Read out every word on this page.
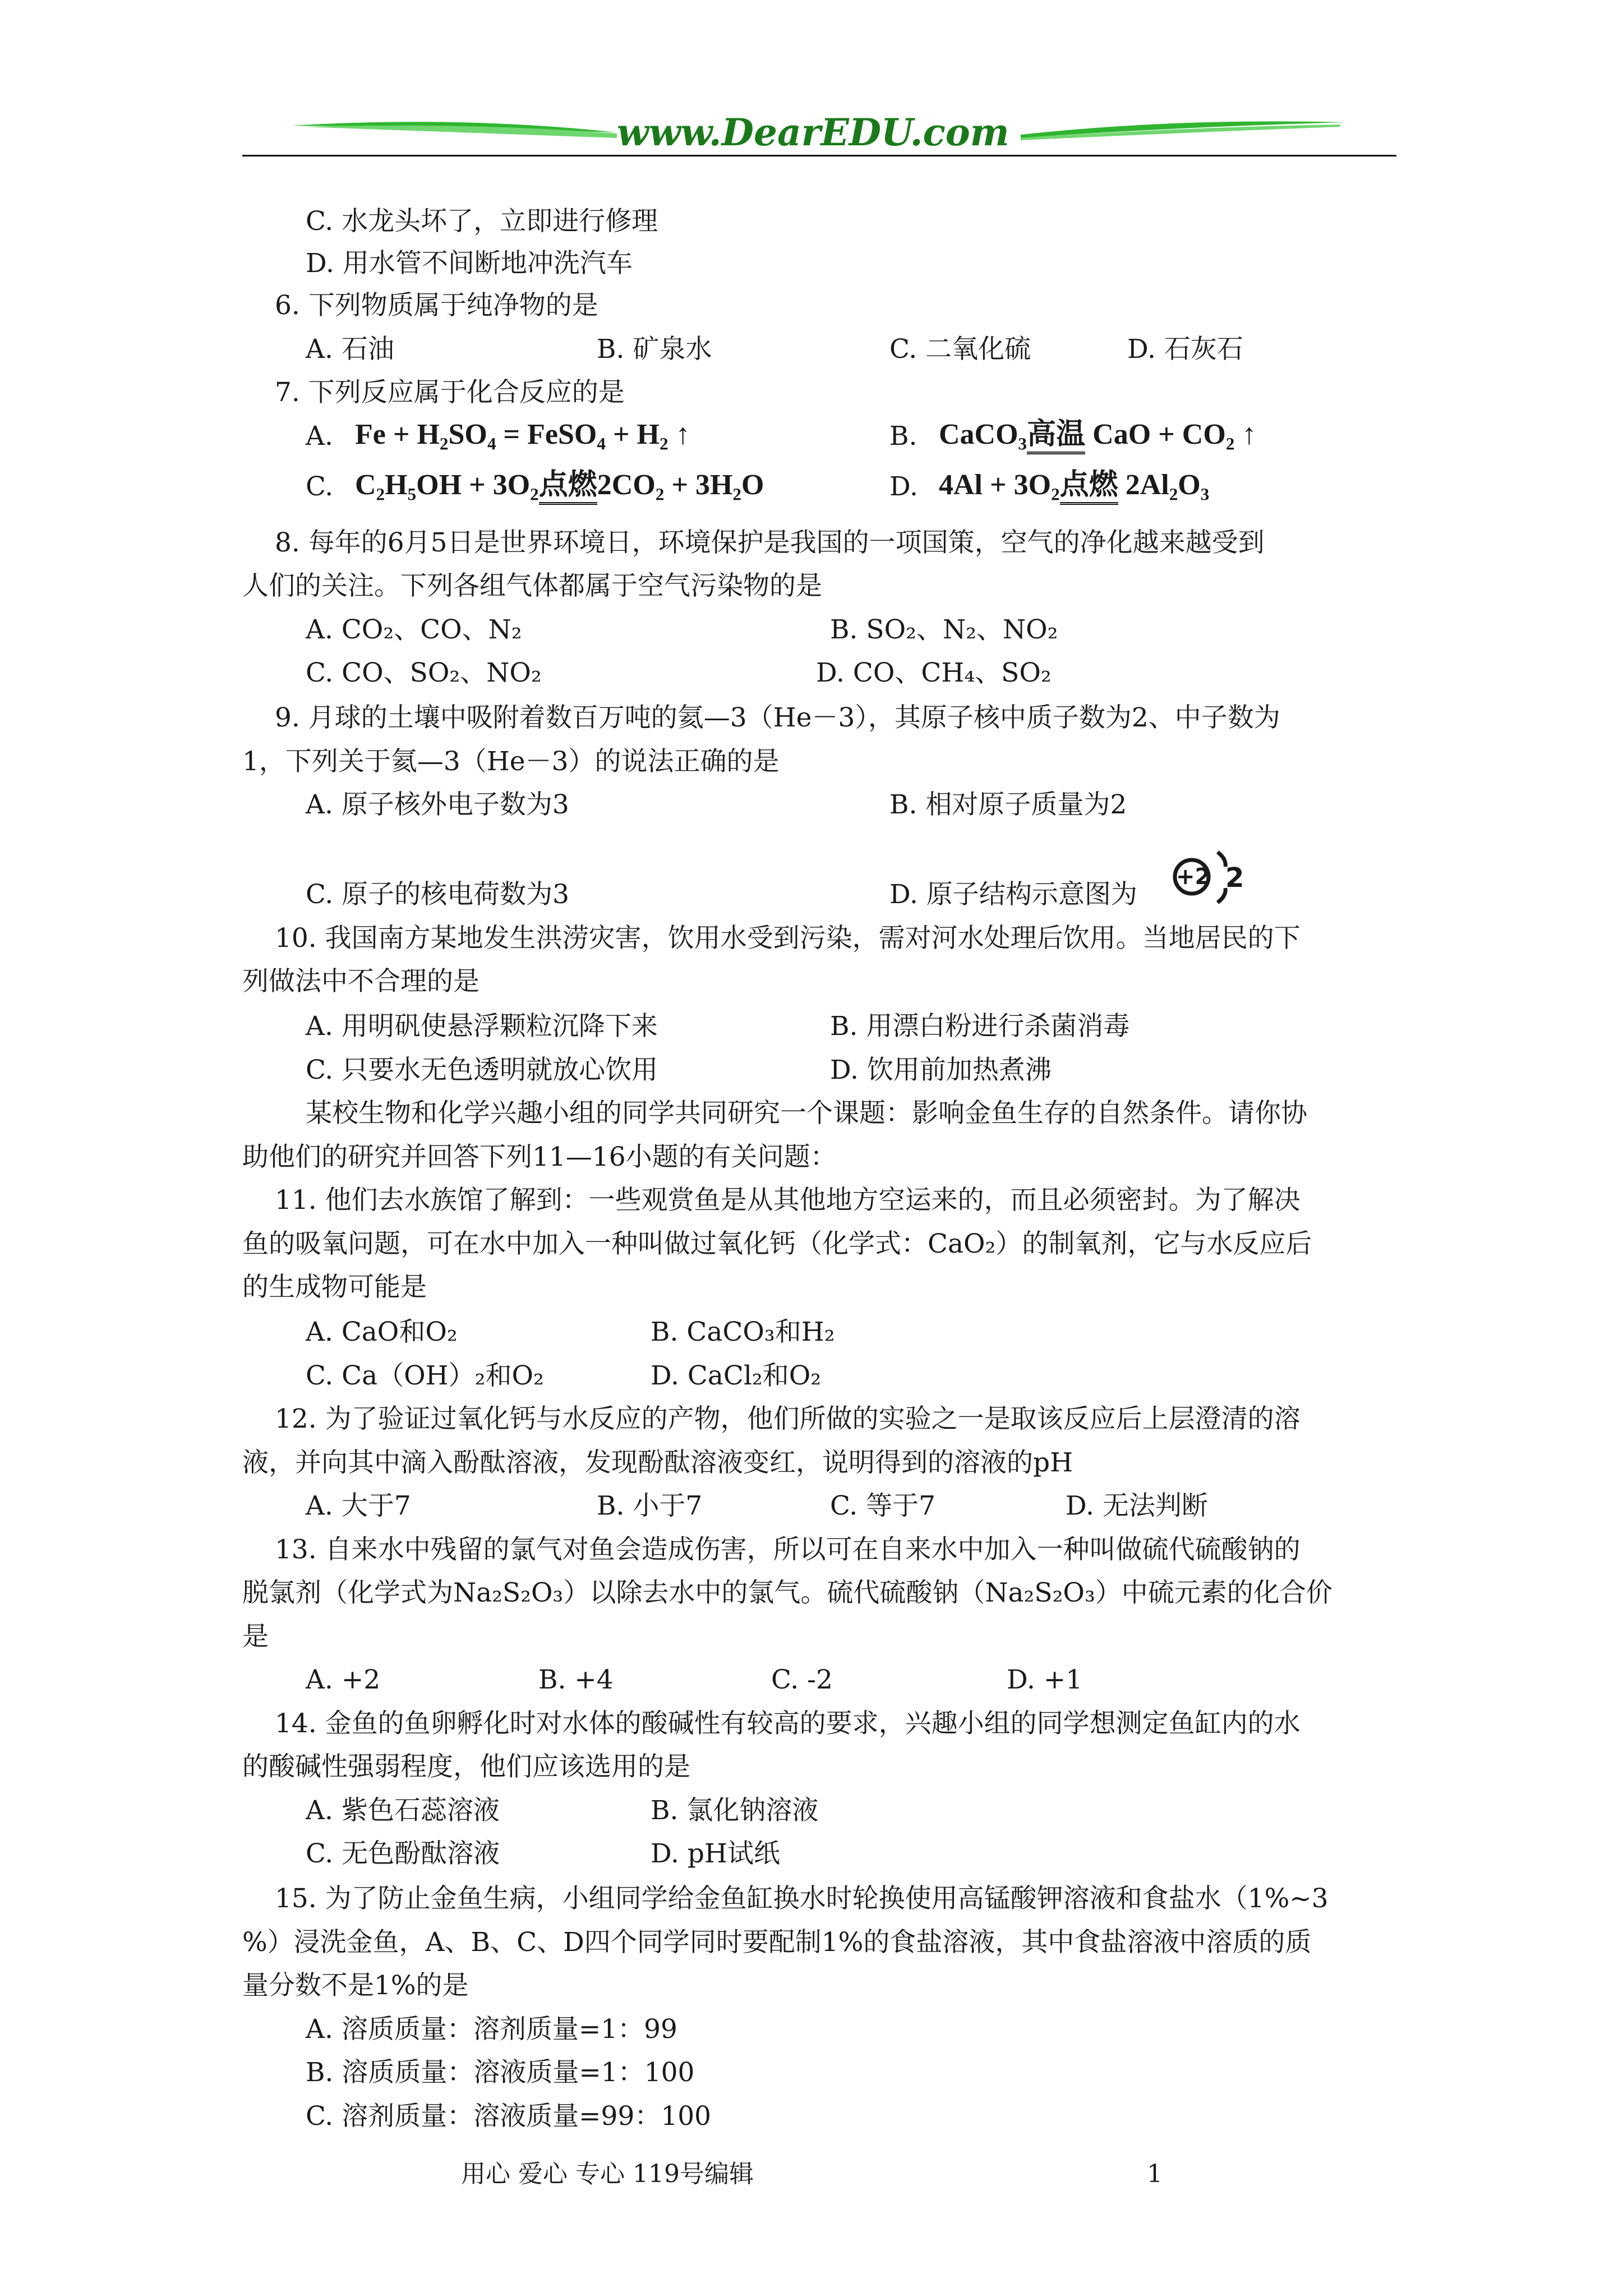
www.DearEDU.com
C. 水龙头坏了，立即进行修理
D. 用水管不间断地冲洗汽车
6. 下列物质属于纯净物的是
A. 石油	B. 矿泉水	C. 二氧化硫	D. 石灰石
7. 下列反应属于化合反应的是
A. Fe + H₂SO₄ = FeSO₄ + H₂ ↑	B. CaCO₃高温 CaO + CO₂ ↑
C. C₂H₅OH + 3O₂点燃2CO₂ + 3H₂O	D. 4Al + 3O₂点燃 2Al₂O₃
8. 每年的6月5日是世界环境日，环境保护是我国的一项国策，空气的净化越来越受到
人们的关注。下列各组气体都属于空气污染物的是
A. CO₂、CO、N₂	B. SO₂、N₂、NO₂
C. CO、SO₂、NO₂	D. CO、CH₄、SO₂
9. 月球的土壤中吸附着数百万吨的氦—3（He－3），其原子核中质子数为2、中子数为
1，下列关于氦—3（He－3）的说法正确的是
A. 原子核外电子数为3	B. 相对原子质量为2
C. 原子的核电荷数为3	D. 原子结构示意图为
+2 2
10. 我国南方某地发生洪涝灾害，饮用水受到污染，需对河水处理后饮用。当地居民的下
列做法中不合理的是
A. 用明矾使悬浮颗粒沉降下来	B. 用漂白粉进行杀菌消毒
C. 只要水无色透明就放心饮用	D. 饮用前加热煮沸
某校生物和化学兴趣小组的同学共同研究一个课题：影响金鱼生存的自然条件。请你协
助他们的研究并回答下列11—16小题的有关问题：
11. 他们去水族馆了解到：一些观赏鱼是从其他地方空运来的，而且必须密封。为了解决
鱼的吸氧问题，可在水中加入一种叫做过氧化钙（化学式：CaO₂）的制氧剂，它与水反应后
的生成物可能是
A. CaO和O₂	B. CaCO₃和H₂
C. Ca（OH）₂和O₂	D. CaCl₂和O₂
12. 为了验证过氧化钙与水反应的产物，他们所做的实验之一是取该反应后上层澄清的溶
液，并向其中滴入酚酞溶液，发现酚酞溶液变红，说明得到的溶液的pH
A. 大于7	B. 小于7	C. 等于7	D. 无法判断
13. 自来水中残留的氯气对鱼会造成伤害，所以可在自来水中加入一种叫做硫代硫酸钠的
脱氯剂（化学式为Na₂S₂O₃）以除去水中的氯气。硫代硫酸钠（Na₂S₂O₃）中硫元素的化合价
是
A. +2	B. +4	C. -2	D. +1
14. 金鱼的鱼卵孵化时对水体的酸碱性有较高的要求，兴趣小组的同学想测定鱼缸内的水
的酸碱性强弱程度，他们应该选用的是
A. 紫色石蕊溶液	B. 氯化钠溶液
C. 无色酚酞溶液	D. pH试纸
15. 为了防止金鱼生病，小组同学给金鱼缸换水时轮换使用高锰酸钾溶液和食盐水（1%~3
%）浸洗金鱼，A、B、C、D四个同学同时要配制1%的食盐溶液，其中食盐溶液中溶质的质
量分数不是1%的是
A. 溶质质量：溶剂质量=1：99
B. 溶质质量：溶液质量=1：100
C. 溶剂质量：溶液质量=99：100
用心 爱心 专心 119号编辑	1
